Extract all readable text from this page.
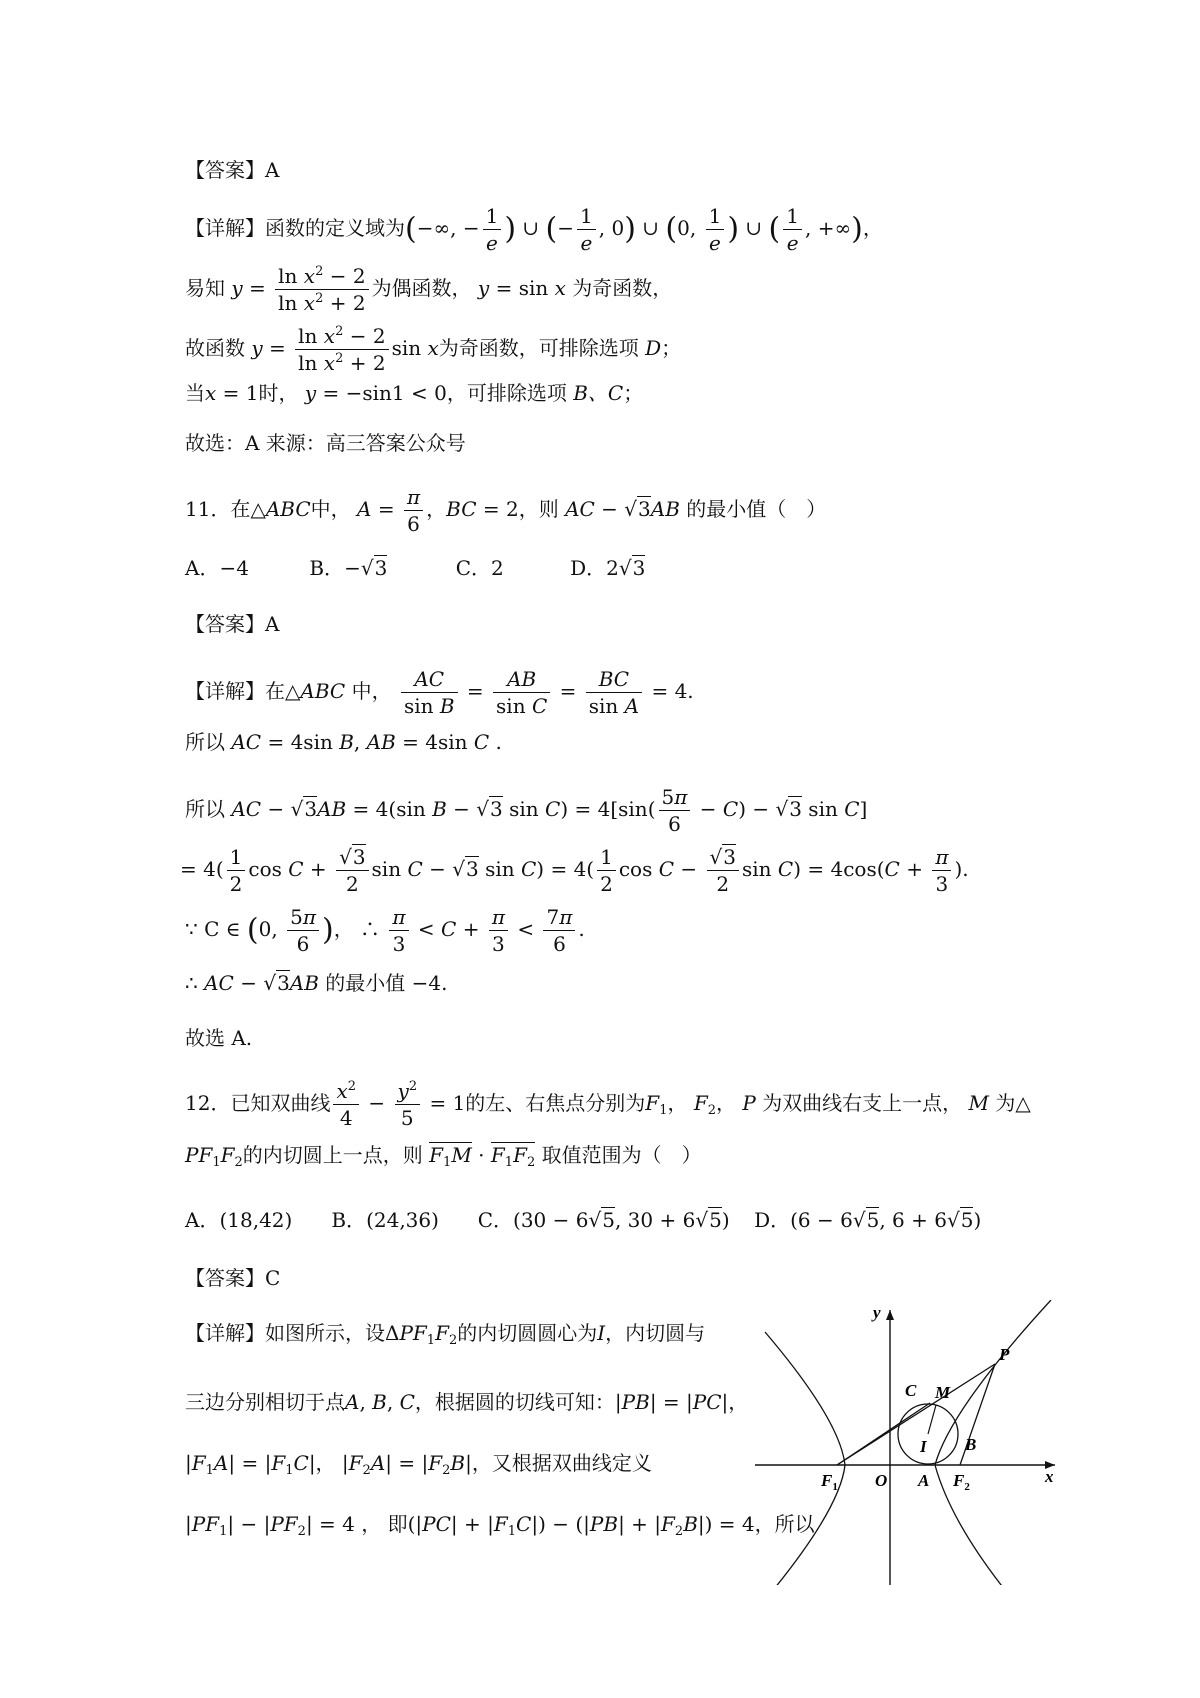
【答案】A
【详解】函数的定义域为(−∞, − $\frac{1}{e}$ ) ∪ (− $\frac{1}{e}$ , 0) ∪ (0, $\frac{1}{e}$ ) ∪ ( $\frac{1}{e}$ , +∞)，
易知 $y = \frac{\ln x^2 - 2}{\ln x^2 + 2}$ 为偶函数， y = sin x 为奇函数，
故函数 $y = \frac{\ln x^2 - 2}{\ln x^2 + 2}$ sin x为奇函数，可排除选项 D；
当x = 1时， y = −sin1 < 0，可排除选项 B、C；
故选：A 来源：高三答案公众号
11．在△ABC中， $A = \frac{\pi}{6}$ ，BC = 2，则 AC − √3AB 的最小值（　）
A．−4	B．−√3	C．2	D．2√3
【答案】A
【详解】在△ABC 中， $\frac{AC}{\text{sin B}} = \frac{AB}{\text{sin C}} = \frac{BC}{\text{sin A}} = 4$.
所以 AC = 4sin B, AB = 4sin C .
所以 AC − √3AB = 4(sin B − √3 $\sin C) = 4[\sin( \frac{5\pi}{6} - C) - √3$ sin C]
= $4( \frac{1}{2}$ $\cos C + \frac{√3}{2}$ sin C − √3 $\sin C) = 4( \frac{1}{2}$ $\cos C - \frac{√3}{2}$ $\sin C) = 4\cos(C + \frac{\pi}{3}$ ).
∵ C ∈ (0, $\frac{5\pi}{6}$ )， ∴ $\frac{\pi}{3} < C + \frac{\pi}{3} < \frac{7\pi}{6}$ .
∴ AC − √3AB 的最小值 −4.
故选 A.
12．已知双曲线 $\frac{x^2}{4} - \frac{y^2}{5} = 1$的左、右焦点分别为$F_1$， $F_2$， P 为双曲线右支上一点， M 为△
$PF_1F_2$的内切圆上一点，则 $F_1M \cdot F_1F_2$ 取值范围为（　）
A．(18,42) B．(24,36) C．(30 − 6√5, 30 + 6√5) D．(6 − 6√5, 6 + 6√5)
【答案】C
【详解】如图所示，设$\Delta PF_1F_2$的内切圆圆心为I，内切圆与
三边分别相切于点A, B, C，根据圆的切线可知：|PB| = |PC|，
$|F_1A| = |F_1C|$， $|F_2A| = |F_2B|$，又根据双曲线定义
$|PF_1| - |PF_2| = 4$ ， 即$(|PC| + |F_1C|) - (|PB| + |F_2B|) = 4$，所以
x
y
O
P
M
C
B
I
A
$F_1$	$F_2$
